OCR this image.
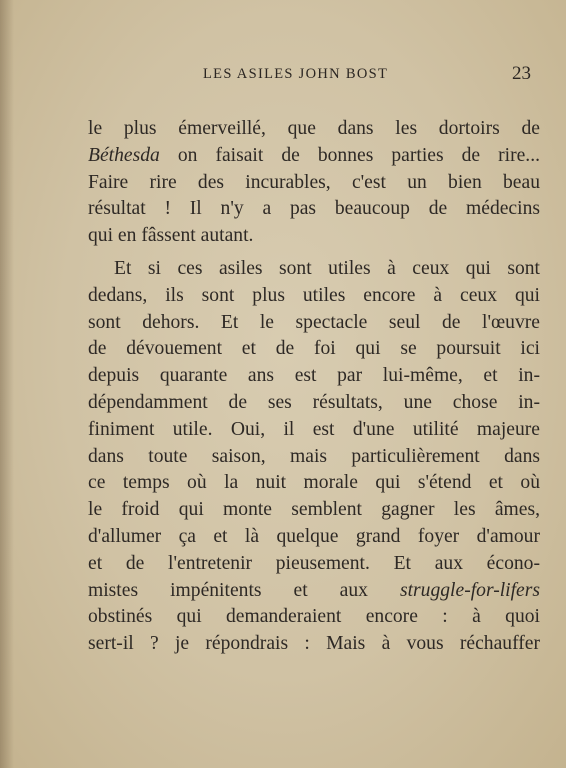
LES ASILES JOHN BOST	23
le plus émerveillé, que dans les dortoirs de
Béthesda on faisait de bonnes parties de rire...
Faire rire des incurables, c'est un bien beau
résultat ! Il n'y a pas beaucoup de médecins
qui en fâssent autant.
Et si ces asiles sont utiles à ceux qui sont
dedans, ils sont plus utiles encore à ceux qui
sont dehors. Et le spectacle seul de l'œuvre
de dévouement et de foi qui se poursuit ici
depuis quarante ans est par lui-même, et in-
dépendamment de ses résultats, une chose in-
finiment utile. Oui, il est d'une utilité majeure
dans toute saison, mais particulièrement dans
ce temps où la nuit morale qui s'étend et où
le froid qui monte semblent gagner les âmes,
d'allumer ça et là quelque grand foyer d'amour
et de l'entretenir pieusement. Et aux écono-
mistes impénitents et aux struggle-for-lifers
obstinés qui demanderaient encore : à quoi
sert-il ? je répondrais : Mais à vous réchauffer
